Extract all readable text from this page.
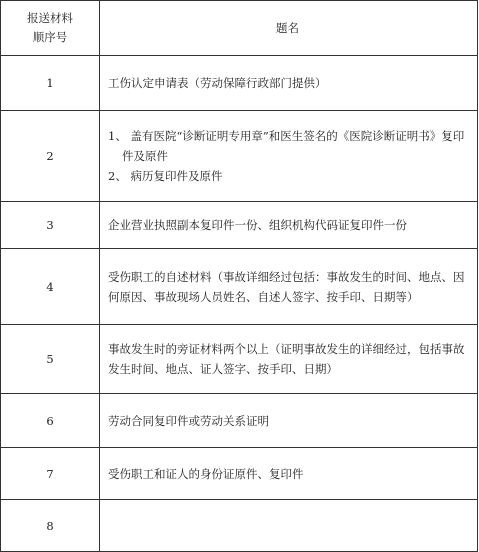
报送材料
顺序号	题名
1	工伤认定申请表（劳动保障行政部门提供）
2	1、 盖有医院“诊断证明专用章”和医生签名的《医院诊断证明书》复印
件及原件
2、 病历复印件及原件

3	企业营业执照副本复印件一份、组织机构代码证复印件一份
4	受伤职工的自述材料（事故详细经过包括：事故发生的时间、地点、因何原因、事故现场人员姓名、自述人签字、按手印、日期等）
5	事故发生时的旁证材料两个以上（证明事故发生的详细经过，包括事故发生时间、地点、证人签字、按手印、日期）
6	劳动合同复印件或劳动关系证明
7	受伤职工和证人的身份证原件、复印件
8	
